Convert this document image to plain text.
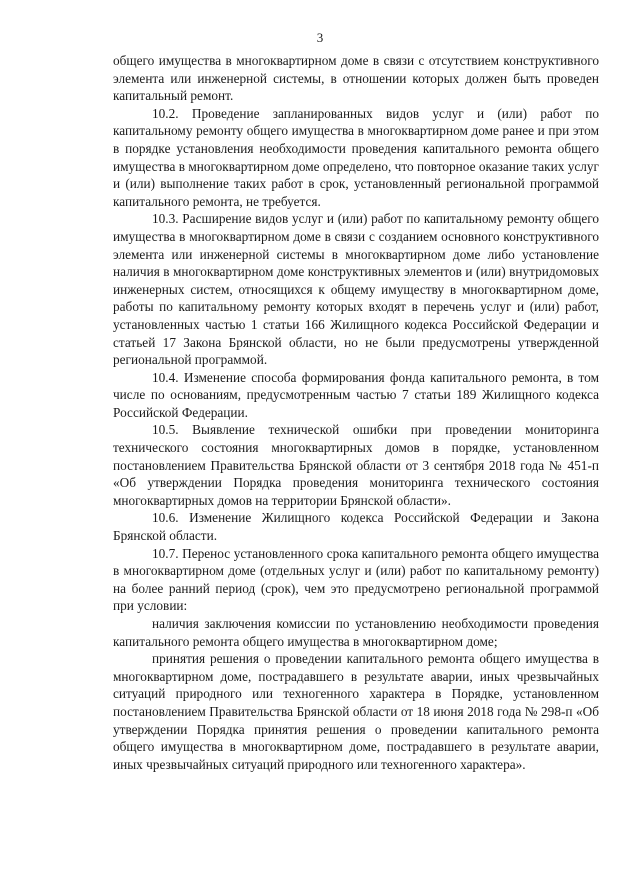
3

общего имущества в многоквартирном доме в связи с отсутствием конструктивного элемента или инженерной системы, в отношении которых должен быть проведен капитальный ремонт.

10.2. Проведение запланированных видов услуг и (или) работ по капитальному ремонту общего имущества в многоквартирном доме ранее и при этом в порядке установления необходимости проведения капитального ремонта общего имущества в многоквартирном доме определено, что повторное оказание таких услуг и (или) выполнение таких работ в срок, установленный региональной программой капитального ремонта, не требуется.

10.3. Расширение видов услуг и (или) работ по капитальному ремонту общего имущества в многоквартирном доме в связи с созданием основного конструктивного элемента или инженерной системы в многоквартирном доме либо установление наличия в многоквартирном доме конструктивных элементов и (или) внутридомовых инженерных систем, относящихся к общему имуществу в многоквартирном доме, работы по капитальному ремонту которых входят в перечень услуг и (или) работ, установленных частью 1 статьи 166 Жилищного кодекса Российской Федерации и статьей 17 Закона Брянской области, но не были предусмотрены утвержденной региональной программой.

10.4. Изменение способа формирования фонда капитального ремонта, в том числе по основаниям, предусмотренным частью 7 статьи 189 Жилищного кодекса Российской Федерации.

10.5. Выявление технической ошибки при проведении мониторинга технического состояния многоквартирных домов в порядке, установленном постановлением Правительства Брянской области от 3 сентября 2018 года № 451-п «Об утверждении Порядка проведения мониторинга технического состояния многоквартирных домов на территории Брянской области».

10.6. Изменение Жилищного кодекса Российской Федерации и Закона Брянской области.

10.7. Перенос установленного срока капитального ремонта общего имущества в многоквартирном доме (отдельных услуг и (или) работ по капитальному ремонту) на более ранний период (срок), чем это предусмотрено региональной программой при условии:

наличия заключения комиссии по установлению необходимости проведения капитального ремонта общего имущества в многоквартирном доме;

принятия решения о проведении капитального ремонта общего имущества в многоквартирном доме, пострадавшего в результате аварии, иных чрезвычайных ситуаций природного или техногенного характера в Порядке, установленном постановлением Правительства Брянской области от 18 июня 2018 года № 298-п «Об утверждении Порядка принятия решения о проведении капитального ремонта общего имущества в многоквартирном доме, пострадавшего в результате аварии, иных чрезвычайных ситуаций природного или техногенного характера».
